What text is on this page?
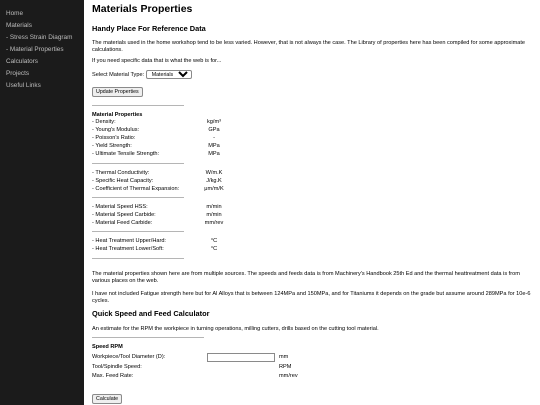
Home
Materials
- Stress Strain Diagram
- Material Properties
Calculators
Projects
Useful Links
Materials Properties
Handy Place For Reference Data

The materials used in the home workshop tend to be less varied. However, that is not always the case. The Library of properties here has been compiled for some approximate calculations.

If you need specific data that is what the web is for...

Select Material Type:
Materials
Update Properties
Material Properties
- Density:	kg/m³
- Young's Modulus:	GPa
- Poisson's Ratio:	-
- Yield Strength:	MPa
- Ultimate Tensile Strength:	MPa
- Thermal Conductivity:	W/m.K
- Specific Heat Capacity:	J/kg.K
- Coefficient of Thermal Expansion:	μm/m/K
- Material Speed HSS:	m/min
- Material Speed Carbide:	m/min
- Material Feed Carbide:	mm/rev
- Heat Treatment Upper/Hard:	°C
- Heat Treatment Lower/Soft:	°C

The material properties shown here are from multiple sources. The speeds and feeds data is from Machinery's Handbook 25th Ed and the thermal heattreatment data is from various places on the web.

I have not included Fatigue strength here but for Al Alloys that is between 124MPa and 150MPa, and for Titaniums it depends on the grade but assume around 289MPa for 10e-6 cycles.

Quick Speed and Feed Calculator

An estimate for the RPM the workpiece in turning operations, milling cutters, drills based on the cutting tool material.

Speed RPM
Workpiece/Tool Diameter (D):	mm
Tool/Spindle Speed:	RPM
Max. Feed Rate:	mm/rev
Calculate
